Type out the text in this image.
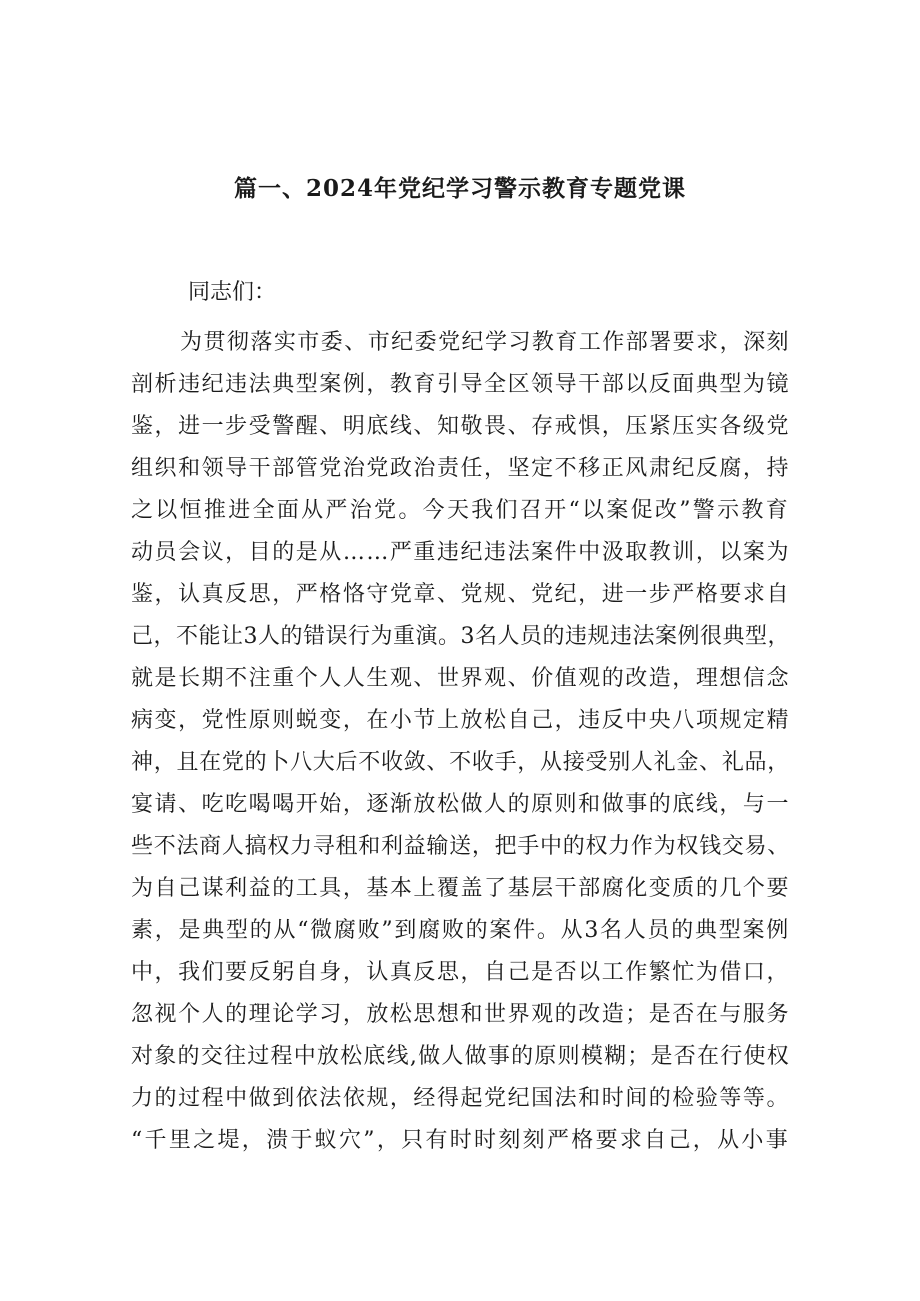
篇一、2024年党纪学习警示教育专题党课
同志们：
为贯彻落实市委、市纪委党纪学习教育工作部署要求，深刻
剖析违纪违法典型案例，教育引导全区领导干部以反面典型为镜
鉴，进一步受警醒、明底线、知敬畏、存戒惧，压紧压实各级党
组织和领导干部管党治党政治责任，坚定不移正风肃纪反腐，持
之以恒推进全面从严治党。今天我们召开“以案促改”警示教育
动员会议，目的是从……严重违纪违法案件中汲取教训，以案为
鉴，认真反思，严格恪守党章、党规、党纪，进一步严格要求自
己，不能让3人的错误行为重演。3名人员的违规违法案例很典型，
就是长期不注重个人人生观、世界观、价值观的改造，理想信念
病变，党性原则蜕变，在小节上放松自己，违反中央八项规定精
神，且在党的卜八大后不收敛、不收手，从接受别人礼金、礼品，
宴请、吃吃喝喝开始，逐渐放松做人的原则和做事的底线，与一
些不法商人搞权力寻租和利益输送，把手中的权力作为权钱交易、
为自己谋利益的工具，基本上覆盖了基层干部腐化变质的几个要
素，是典型的从“微腐败”到腐败的案件。从3名人员的典型案例
中，我们要反躬自身，认真反思，自己是否以工作繁忙为借口，
忽视个人的理论学习，放松思想和世界观的改造；是否在与服务
对象的交往过程中放松底线,做人做事的原则模糊；是否在行使权
力的过程中做到依法依规，经得起党纪国法和时间的检验等等。
“千里之堤，溃于蚁穴”，只有时时刻刻严格要求自己，从小事
